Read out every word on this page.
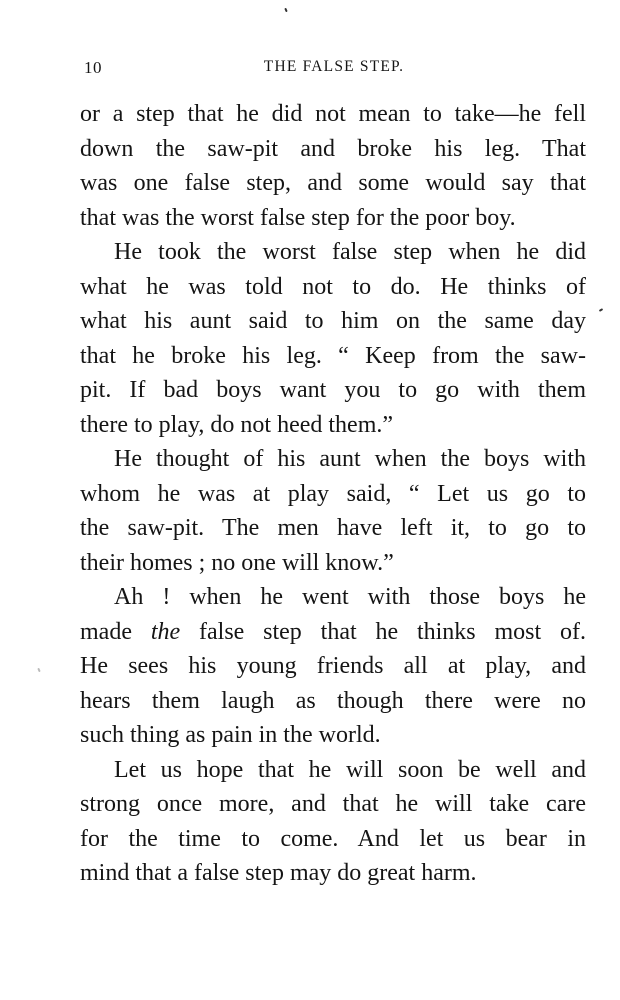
10	THE FALSE STEP.

or a step that he did not mean to take—he fell
down the saw-pit and broke his leg. That
was one false step, and some would say that
that was the worst false step for the poor boy.

He took the worst false step when he did
what he was told not to do. He thinks of
what his aunt said to him on the same day
that he broke his leg. “ Keep from the saw-
pit. If bad boys want you to go with them
there to play, do not heed them.”

He thought of his aunt when the boys with
whom he was at play said, “ Let us go to
the saw-pit. The men have left it, to go to
their homes ; no one will know.”

Ah ! when he went with those boys he
made the false step that he thinks most of.
He sees his young friends all at play, and
hears them laugh as though there were no
such thing as pain in the world.

Let us hope that he will soon be well and
strong once more, and that he will take care
for the time to come. And let us bear in
mind that a false step may do great harm.
